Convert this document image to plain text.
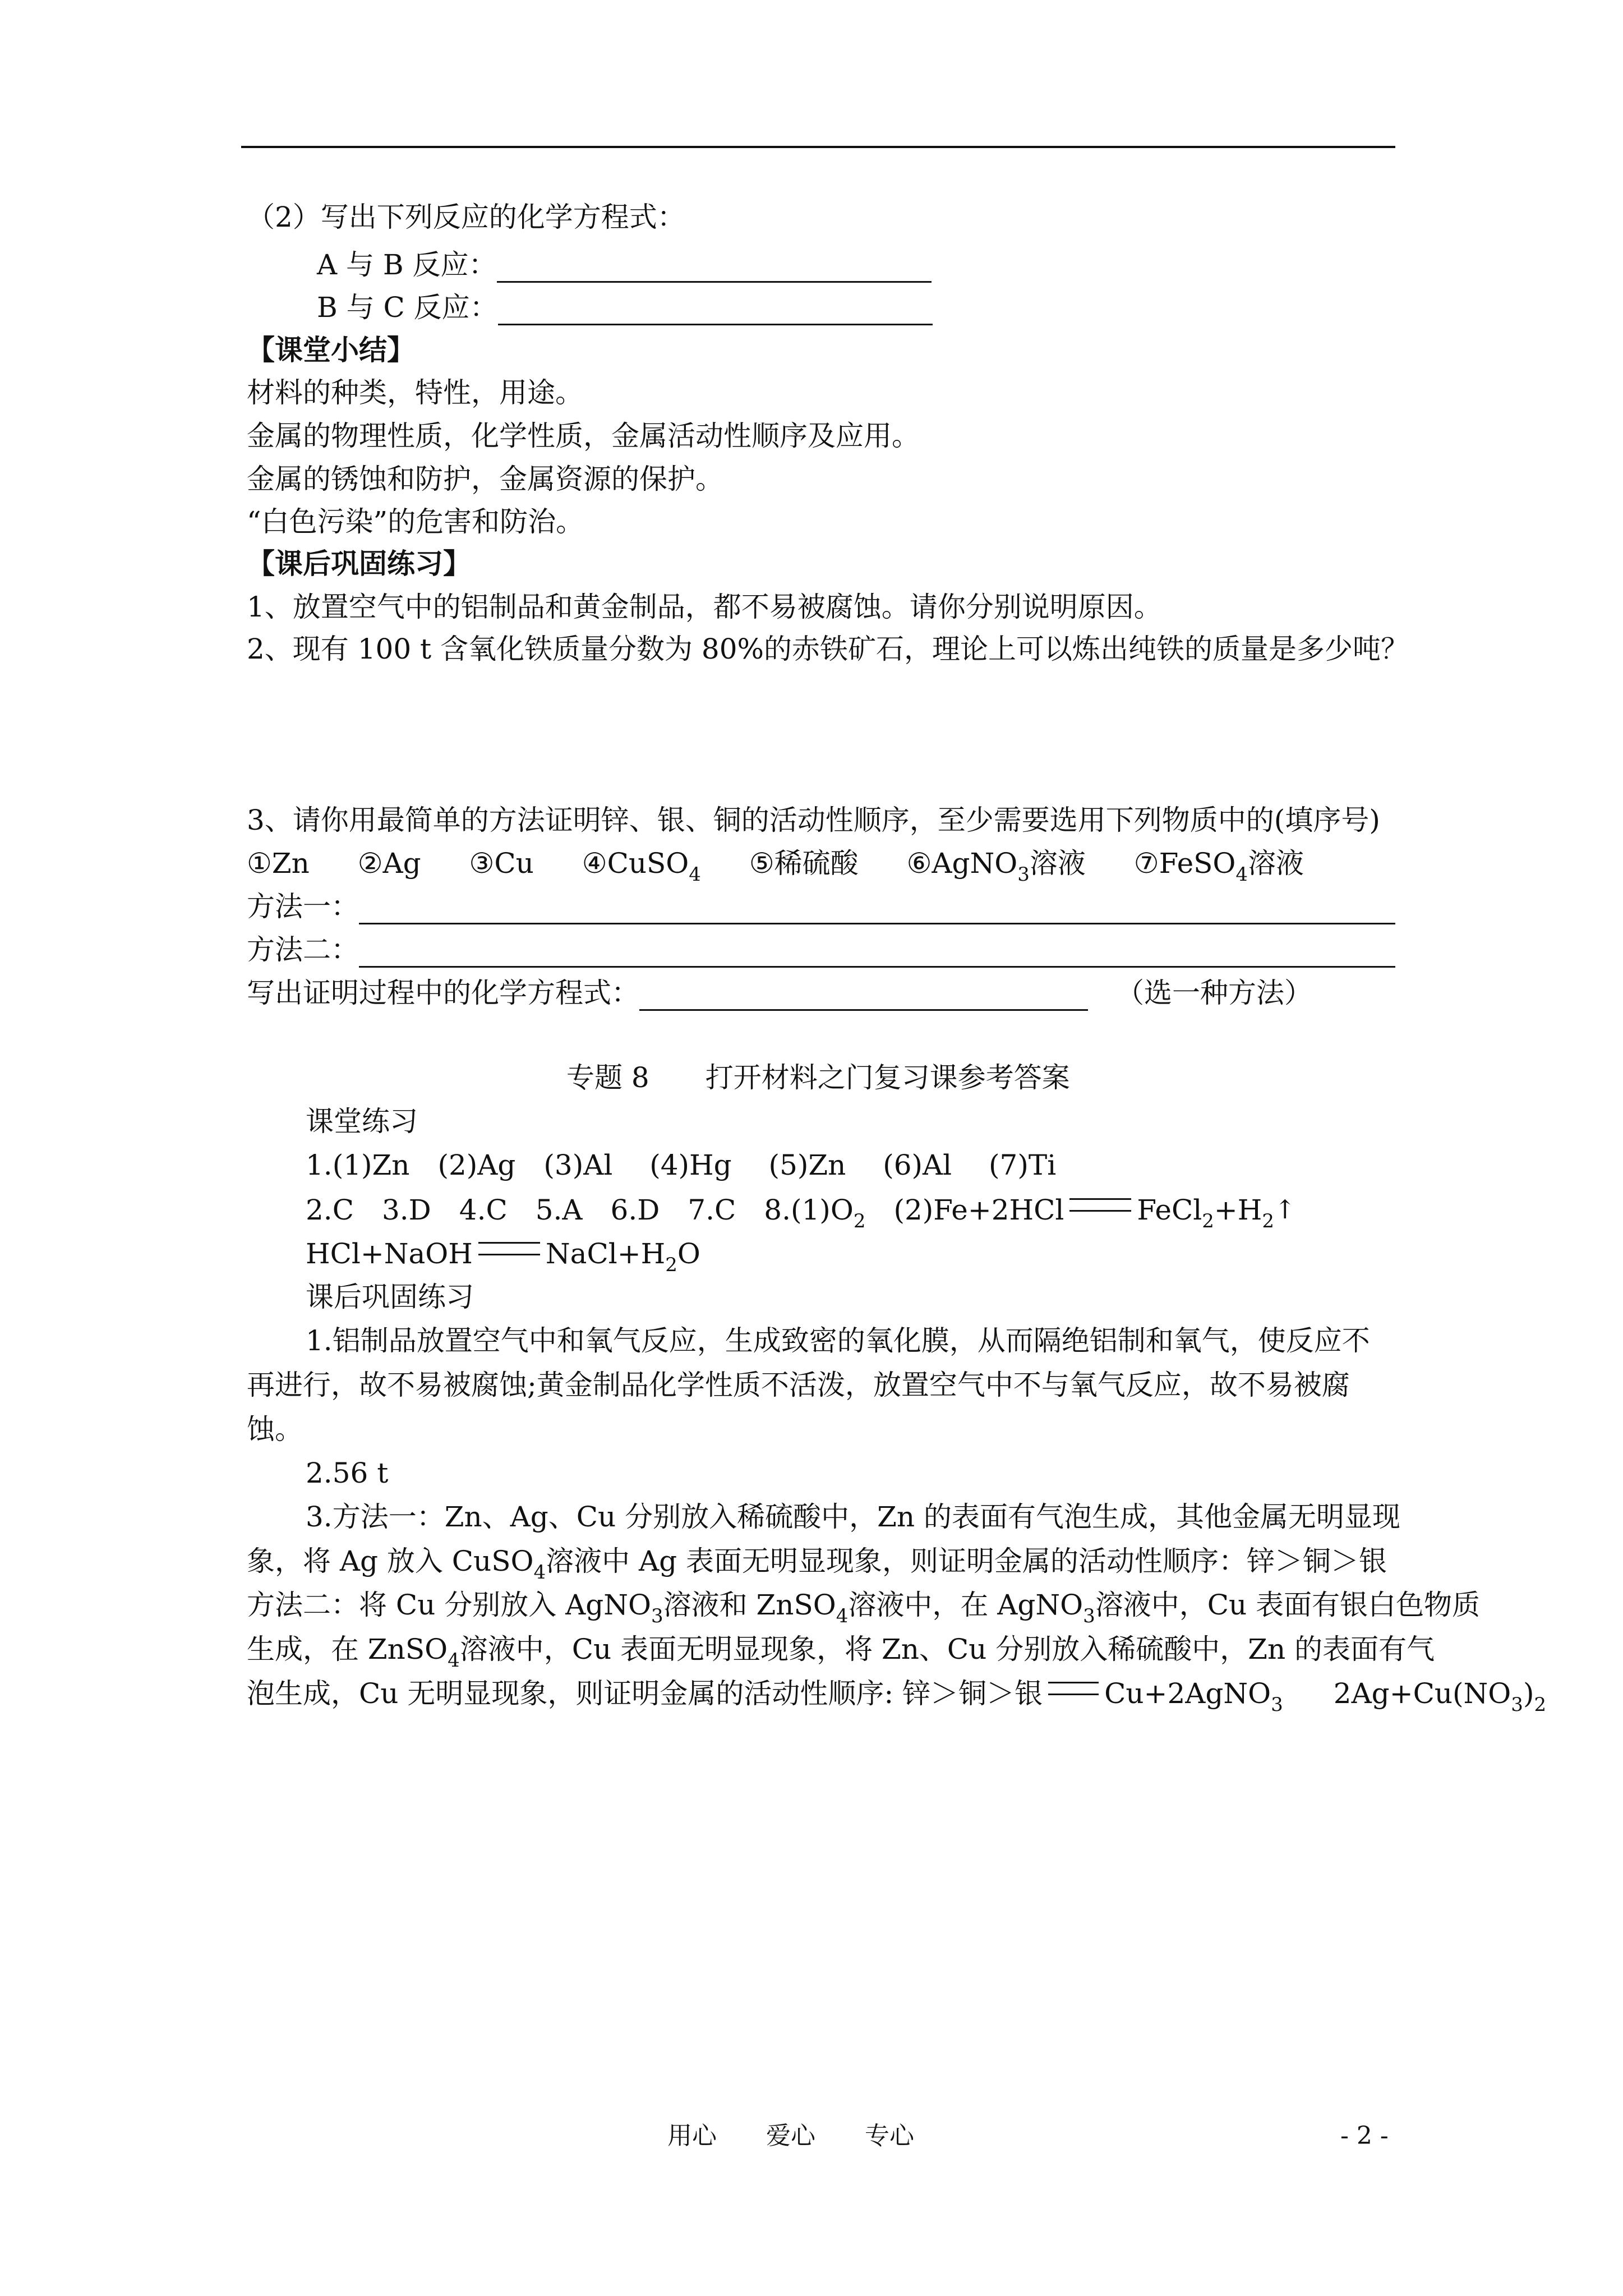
（2）写出下列反应的化学方程式：
A 与 B 反应：
B 与 C 反应：
【课堂小结】
材料的种类，特性，用途。
金属的物理性质，化学性质，金属活动性顺序及应用。
金属的锈蚀和防护，金属资源的保护。
“白色污染”的危害和防治。
【课后巩固练习】
1、放置空气中的铝制品和黄金制品，都不易被腐蚀。请你分别说明原因。
2、现有 100 t 含氧化铁质量分数为 80%的赤铁矿石，理论上可以炼出纯铁的质量是多少吨？
3、请你用最简单的方法证明锌、银、铜的活动性顺序，至少需要选用下列物质中的(填序号)
①Zn ②Ag ③Cu ④CuSO$_4$ ⑤稀硫酸 ⑥AgNO$_3$溶液 ⑦FeSO$_4$溶液
方法一：
方法二：
写出证明过程中的化学方程式：	（选一种方法）
专题 8　　打开材料之门复习课参考答案
课堂练习
1.(1)Zn　(2)Ag　(3)Al　 (4)Hg　 (5)Zn　 (6)Al　 (7)Ti
2.C　3.D　4.C　5.A　6.D　7.C　$8.(1)O_2$　(2)Fe+2HCl	$FeCl_2+H_2↑$
HCl+NaOH	$NaCl+H_2O$
课后巩固练习
1.铝制品放置空气中和氧气反应，生成致密的氧化膜，从而隔绝铝制和氧气，使反应不
再进行，故不易被腐蚀;黄金制品化学性质不活泼，放置空气中不与氧气反应，故不易被腐
蚀。
2.56 t
3.方法一：Zn、Ag、Cu 分别放入稀硫酸中，Zn 的表面有气泡生成，其他金属无明显现
象，将 Ag 放入 CuSO$_4$溶液中 Ag 表面无明显现象，则证明金属的活动性顺序：锌＞铜＞银
方法二：将 Cu 分别放入 AgNO$_3$溶液和 ZnSO$_4$溶液中，在 AgNO$_3$溶液中，Cu 表面有银白色物质
生成，在 ZnSO$_4$溶液中，Cu 表面无明显现象，将 Zn、Cu 分别放入稀硫酸中，Zn 的表面有气
泡生成，Cu 无明显现象，则证明金属的活动性顺序: 锌＞铜＞银 Cu+2AgNO$_3$ $2Ag+Cu(NO_3)_2$
用心　　爱心　　专心	- 2 -
